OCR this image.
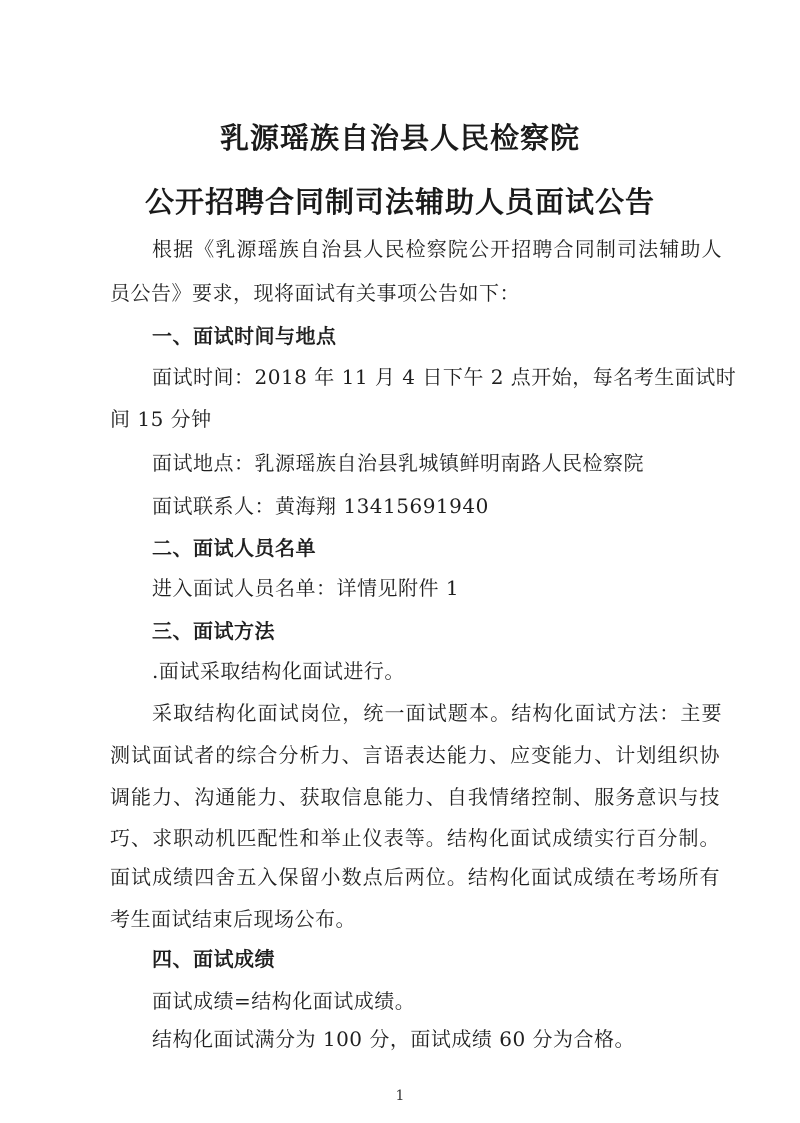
乳源瑶族自治县人民检察院
公开招聘合同制司法辅助人员面试公告
根据《乳源瑶族自治县人民检察院公开招聘合同制司法辅助人
员公告》要求，现将面试有关事项公告如下：
一、面试时间与地点
面试时间：2018 年 11 月 4 日下午 2 点开始，每名考生面试时
间 15 分钟
面试地点：乳源瑶族自治县乳城镇鲜明南路人民检察院
面试联系人：黄海翔 13415691940
二、面试人员名单
进入面试人员名单：详情见附件 1
三、面试方法
.面试采取结构化面试进行。
采取结构化面试岗位，统一面试题本。结构化面试方法：主要
测试面试者的综合分析力、言语表达能力、应变能力、计划组织协
调能力、沟通能力、获取信息能力、自我情绪控制、服务意识与技
巧、求职动机匹配性和举止仪表等。结构化面试成绩实行百分制。
面试成绩四舍五入保留小数点后两位。结构化面试成绩在考场所有
考生面试结束后现场公布。
四、面试成绩
面试成绩=结构化面试成绩。
结构化面试满分为 100 分，面试成绩 60 分为合格。
1
